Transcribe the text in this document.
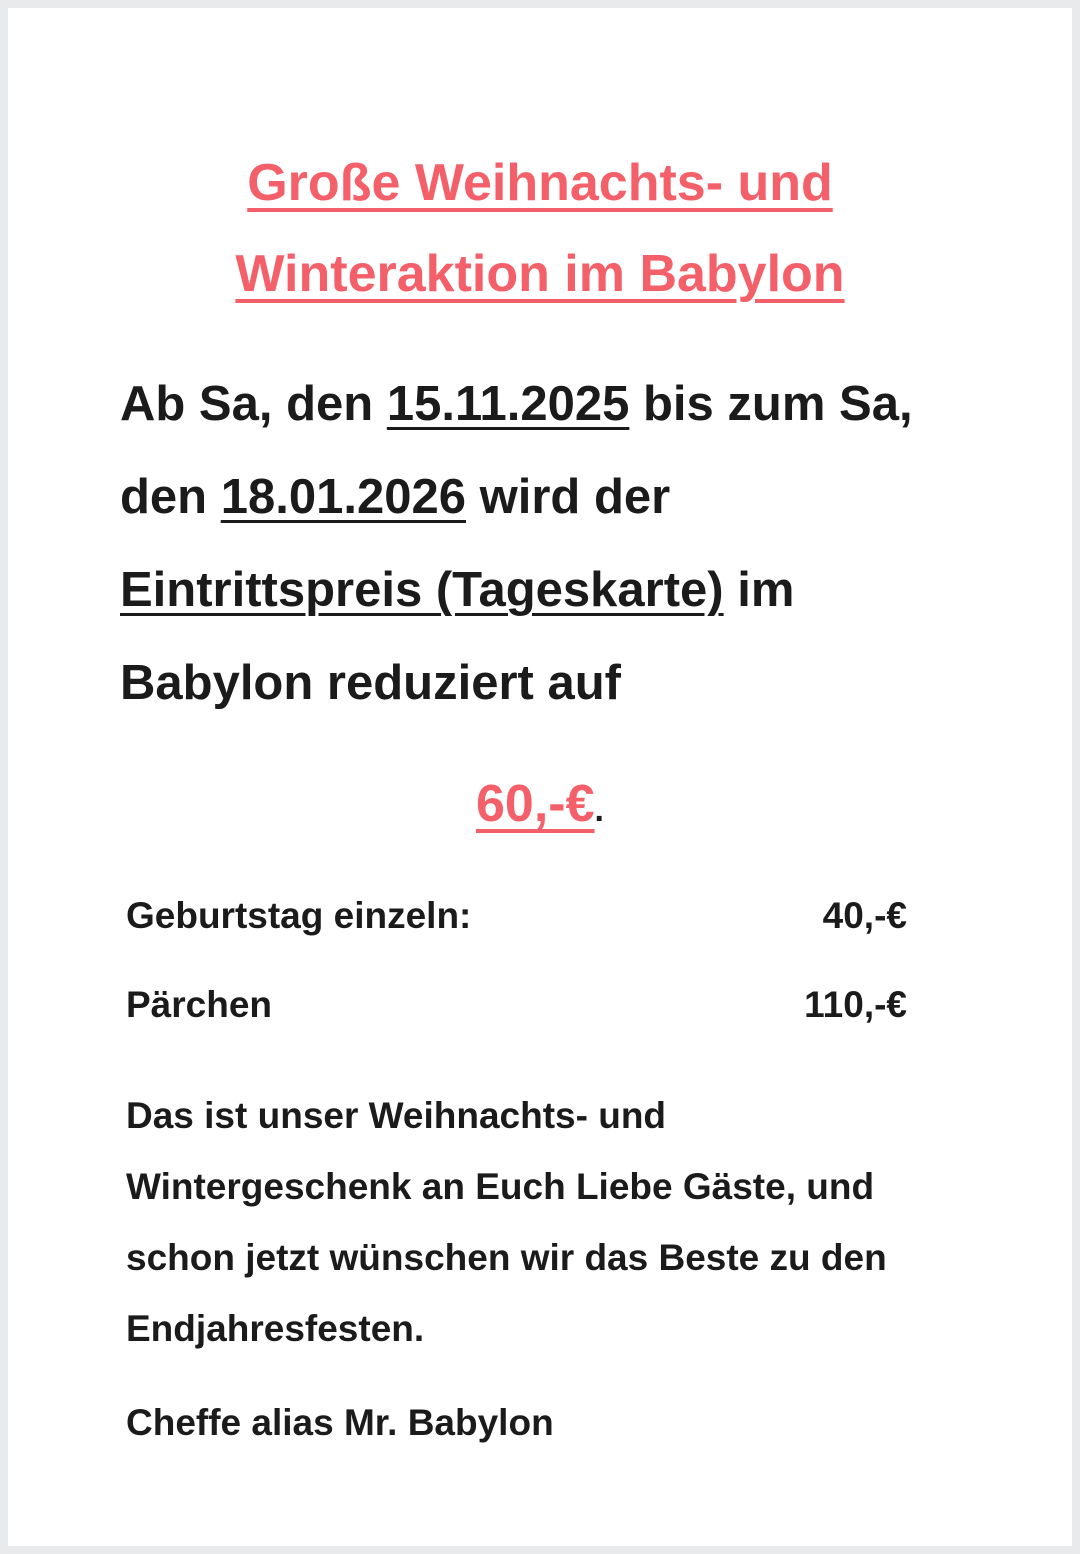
Große Weihnachts- und
Winteraktion im Babylon
Ab Sa, den 15.11.2025 bis zum Sa, den 18.01.2026 wird der Eintrittspreis (Tageskarte) im Babylon reduziert auf
60,-€.
Geburtstag einzeln:	40,-€
Pärchen	110,-€
Das ist unser Weihnachts- und Wintergeschenk an Euch Liebe Gäste, und schon jetzt wünschen wir das Beste zu den Endjahresfesten.
Cheffe alias Mr. Babylon
